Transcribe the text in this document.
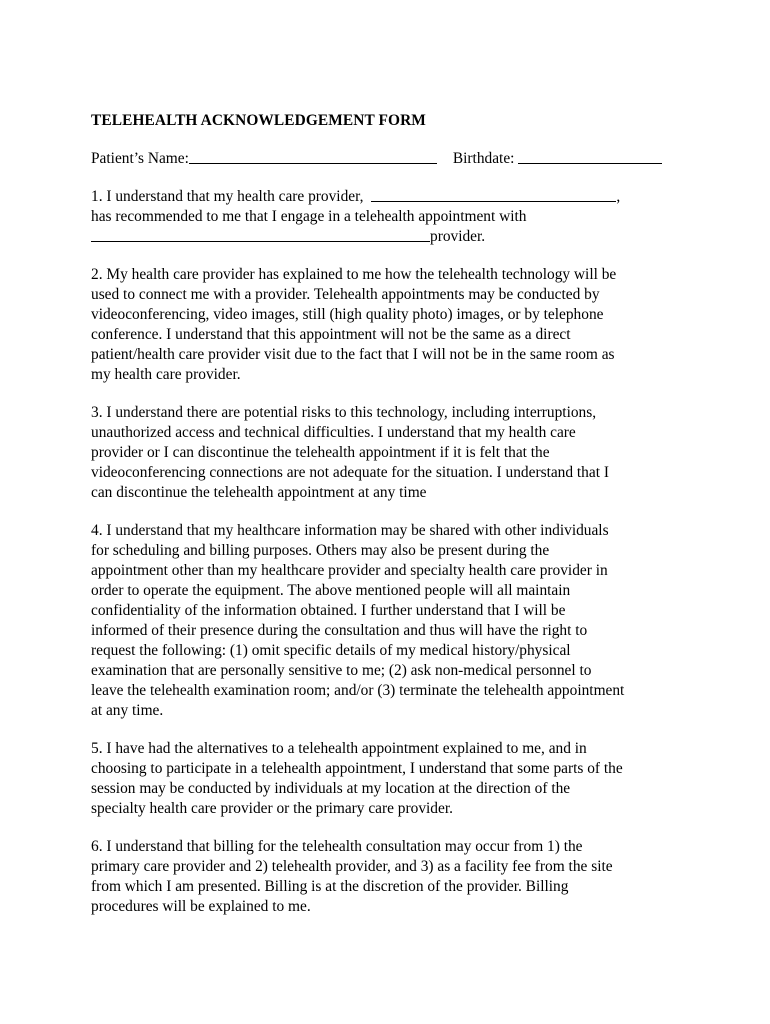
TELEHEALTH ACKNOWLEDGEMENT FORM
Patient’s Name:	Birthdate:
1. I understand that my health care provider,	,
has recommended to me that I engage in a telehealth appointment with
provider.
2. My health care provider has explained to me how the telehealth technology will be
used to connect me with a provider. Telehealth appointments may be conducted by
videoconferencing, video images, still (high quality photo) images, or by telephone
conference. I understand that this appointment will not be the same as a direct
patient/health care provider visit due to the fact that I will not be in the same room as
my health care provider.
3. I understand there are potential risks to this technology, including interruptions,
unauthorized access and technical difficulties. I understand that my health care
provider or I can discontinue the telehealth appointment if it is felt that the
videoconferencing connections are not adequate for the situation. I understand that I
can discontinue the telehealth appointment at any time
4. I understand that my healthcare information may be shared with other individuals
for scheduling and billing purposes. Others may also be present during the
appointment other than my healthcare provider and specialty health care provider in
order to operate the equipment. The above mentioned people will all maintain
confidentiality of the information obtained. I further understand that I will be
informed of their presence during the consultation and thus will have the right to
request the following: (1) omit specific details of my medical history/physical
examination that are personally sensitive to me; (2) ask non-medical personnel to
leave the telehealth examination room; and/or (3) terminate the telehealth appointment
at any time.
5. I have had the alternatives to a telehealth appointment explained to me, and in
choosing to participate in a telehealth appointment, I understand that some parts of the
session may be conducted by individuals at my location at the direction of the
specialty health care provider or the primary care provider.
6. I understand that billing for the telehealth consultation may occur from 1) the
primary care provider and 2) telehealth provider, and 3) as a facility fee from the site
from which I am presented. Billing is at the discretion of the provider. Billing
procedures will be explained to me.
